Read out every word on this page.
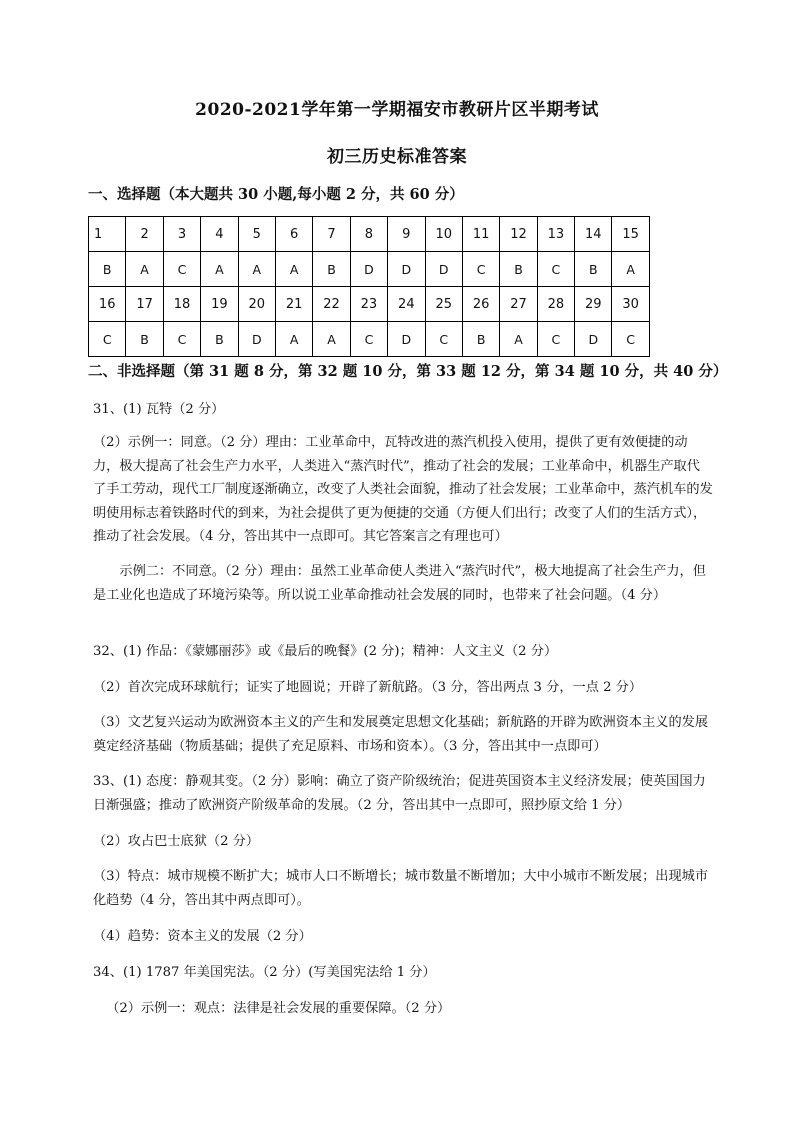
2020-2021学年第一学期福安市教研片区半期考试
初三历史标准答案
一、选择题（本大题共 30 小题,每小题 2 分，共 60 分）
1	2	3	4	5	6	7	8	9	10	11	12	13	14	15
B	A	C	A	A	A	B	D	D	D	C	B	C	B	A
16	17	18	19	20	21	22	23	24	25	26	27	28	29	30
C	B	C	B	D	A	A	C	D	C	B	A	C	D	C
二、非选择题（第 31 题 8 分，第 32 题 10 分，第 33 题 12 分，第 34 题 10 分，共 40 分）

31、(1) 瓦特（2 分）

（2）示例一：同意。（2 分）理由：工业革命中，瓦特改进的蒸汽机投入使用，提供了更有效便捷的动力，极大提高了社会生产力水平，人类进入“蒸汽时代”，推动了社会的发展；工业革命中，机器生产取代了手工劳动，现代工厂制度逐渐确立，改变了人类社会面貌，推动了社会发展；工业革命中，蒸汽机车的发明使用标志着铁路时代的到来，为社会提供了更为便捷的交通（方便人们出行；改变了人们的生活方式），推动了社会发展。（4 分，答出其中一点即可。其它答案言之有理也可）

示例二：不同意。（2 分）理由：虽然工业革命使人类进入“蒸汽时代”，极大地提高了社会生产力，但是工业化也造成了环境污染等。所以说工业革命推动社会发展的同时，也带来了社会问题。（4 分）

32、(1) 作品：《蒙娜丽莎》或《最后的晚餐》(2 分)；精神：人文主义（2 分）

（2）首次完成环球航行；证实了地圆说；开辟了新航路。（3 分，答出两点 3 分，一点 2 分）

（3）文艺复兴运动为欧洲资本主义的产生和发展奠定思想文化基础；新航路的开辟为欧洲资本主义的发展奠定经济基础（物质基础；提供了充足原料、市场和资本）。（3 分，答出其中一点即可）

33、(1) 态度：静观其变。（2 分）影响：确立了资产阶级统治；促进英国资本主义经济发展；使英国国力日渐强盛；推动了欧洲资产阶级革命的发展。（2 分，答出其中一点即可，照抄原文给 1 分）

（2）攻占巴士底狱（2 分）

（3）特点：城市规模不断扩大；城市人口不断增长；城市数量不断增加；大中小城市不断发展；出现城市化趋势（4 分，答出其中两点即可）。

（4）趋势：资本主义的发展（2 分）

34、(1) 1787 年美国宪法。（2 分）(写美国宪法给 1 分）

（2）示例一：观点：法律是社会发展的重要保障。（2 分）
